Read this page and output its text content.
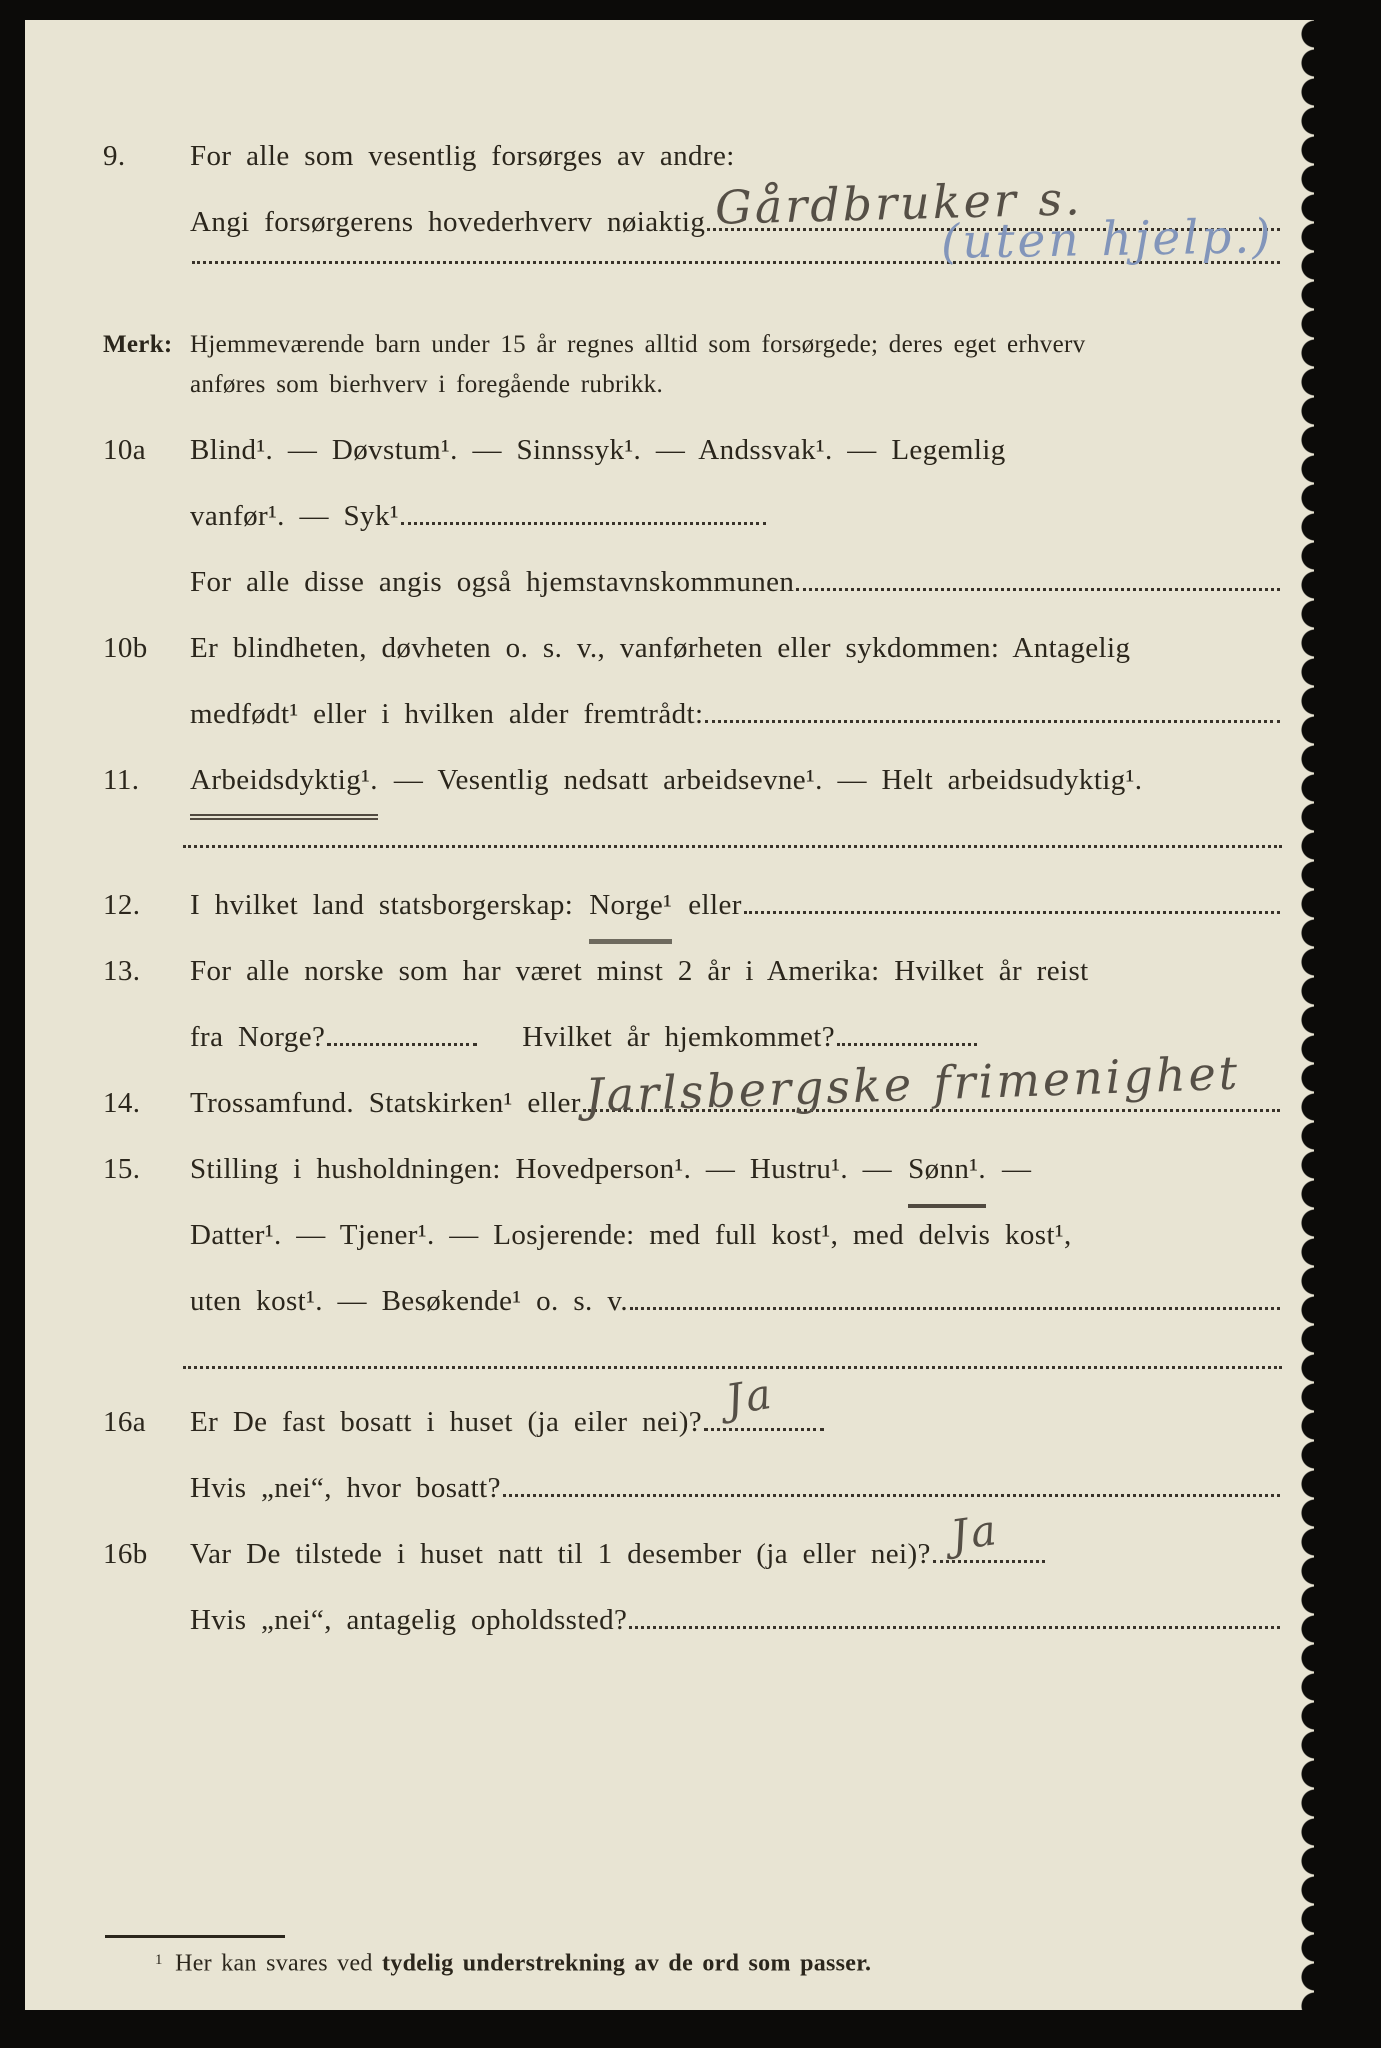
9.	For alle som vesentlig forsørges av andre:
Angi forsørgerens hovederhverv nøiaktig Gårdbruker s.
(uten hjelp.)
Merk: Hjemmeværende barn under 15 år regnes alltid som forsørgede; deres eget erhverv
anføres som bierhverv i foregående rubrikk.
10a	Blind¹. — Døvstum¹. — Sinnssyk¹. — Andssvak¹. — Legemlig
vanfør¹. — Syk¹
For alle disse angis også hjemstavnskommunen
10b	Er blindheten, døvheten o. s. v., vanførheten eller sykdommen: Antagelig
medfødt¹ eller i hvilken alder fremtrådt:
11.	Arbeidsdyktig¹. — Vesentlig nedsatt arbeidsevne¹. — Helt arbeidsudyktig¹.
12.	I hvilket land statsborgerskap: Norge¹ eller
13.	For alle norske som har været minst 2 år i Amerika: Hvilket år reist
fra Norge?	Hvilket år hjemkommet?
14.	Trossamfund. Statskirken¹ eller Jarlsbergske frimenighet
15.	Stilling i husholdningen: Hovedperson¹. — Hustru¹. — Sønn¹. —
Datter¹. — Tjener¹. — Losjerende: med full kost¹, med delvis kost¹,
uten kost¹. — Besøkende¹ o. s. v.
16a	Er De fast bosatt i huset (ja eiler nei)? Ja
Hvis „nei“, hvor bosatt?
16b	Var De tilstede i huset natt til 1 desember (ja eller nei)? Ja
Hvis „nei“, antagelig opholdssted?
$^1$ Her kan svares ved tydelig understrekning av de ord som passer.
